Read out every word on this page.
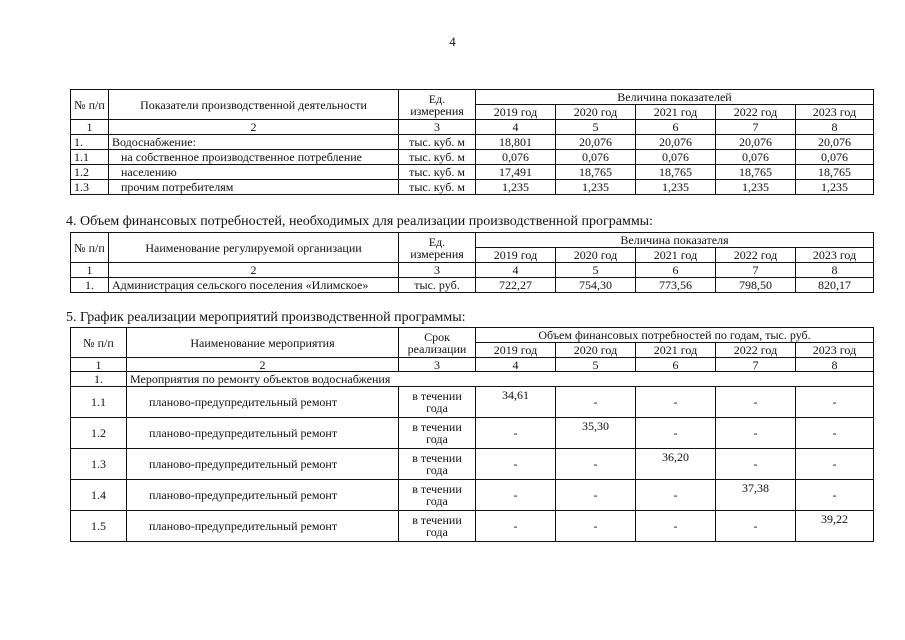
4
№ п/п	Показатели производственной деятельности	Ед. измерения	Величина показателей				
			2019 год	2020 год	2021 год	2022 год	2023 год
1	2	3	4	5	6	7	8
1.	Водоснабжение:	тыс. куб. м	18,801	20,076	20,076	20,076	20,076
1.1	на собственное производственное потребление	тыс. куб. м	0,076	0,076	0,076	0,076	0,076
1.2	населению	тыс. куб. м	17,491	18,765	18,765	18,765	18,765
1.3	прочим потребителям	тыс. куб. м	1,235	1,235	1,235	1,235	1,235
4. Объем финансовых потребностей, необходимых для реализации производственной программы:
№ п/п	Наименование регулируемой организации	Ед. измерения	Величина показателя				
			2019 год	2020 год	2021 год	2022 год	2023 год
1	2	3	4	5	6	7	8
1.	Администрация сельского поселения «Илимское»	тыс. руб.	722,27	754,30	773,56	798,50	820,17
5. График реализации мероприятий производственной программы:
№ п/п	Наименование мероприятия	Срок реализации	Объем финансовых потребностей по годам, тыс. руб.				
			2019 год	2020 год	2021 год	2022 год	2023 год
1	2	3	4	5	6	7	8
1.	Мероприятия по ремонту объектов водоснабжения						
1.1	планово-предупредительный ремонт	в течении года	34,61	-	-	-	-
1.2	планово-предупредительный ремонт	в течении года	-	35,30	-	-	-
1.3	планово-предупредительный ремонт	в течении года	-	-	36,20	-	-
1.4	планово-предупредительный ремонт	в течении года	-	-	-	37,38	-
1.5	планово-предупредительный ремонт	в течении года	-	-	-	-	39,22
